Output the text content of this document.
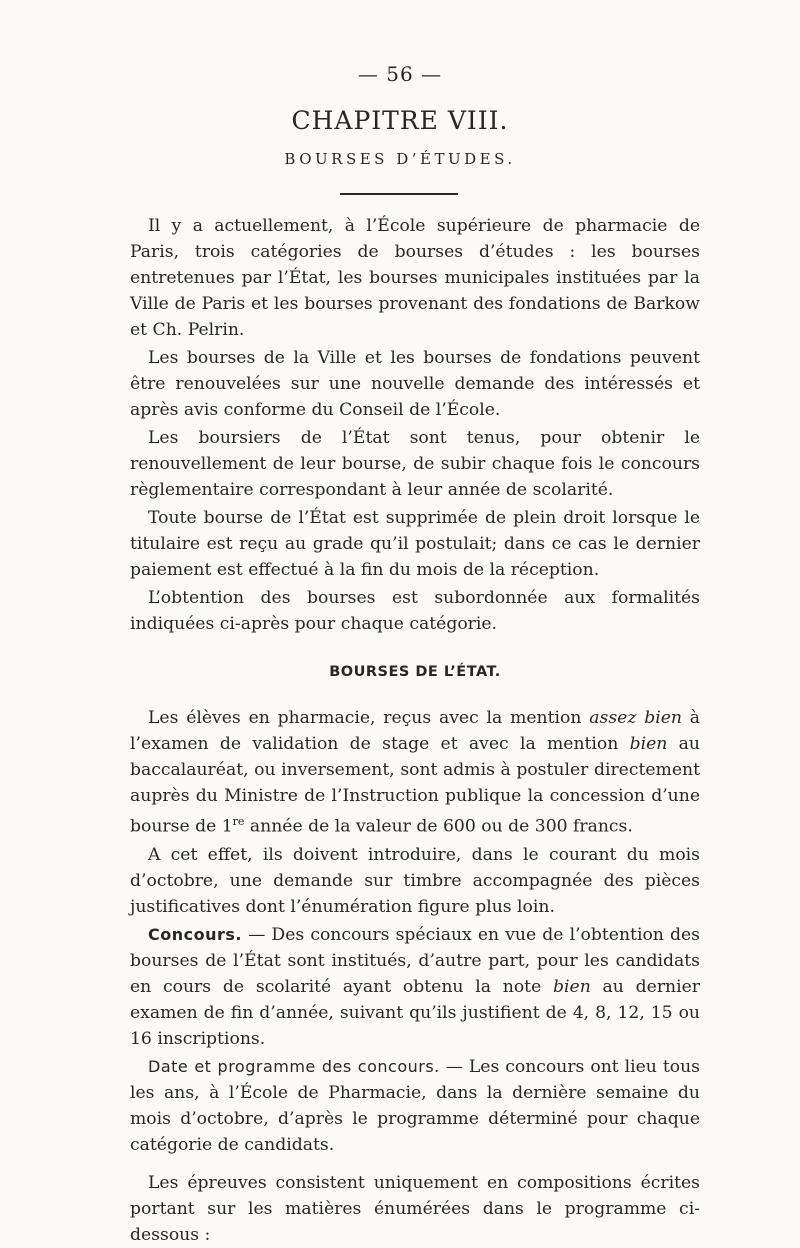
— 56 —
CHAPITRE VIII.
BOURSES D’ÉTUDES.

Il y a actuellement, à l’École supérieure de pharmacie de Paris, trois catégories de bourses d’études : les bourses entretenues par l’État, les bourses municipales instituées par la Ville de Paris et les bourses provenant des fondations de Barkow et Ch. Pelrin.

Les bourses de la Ville et les bourses de fondations peuvent être renouvelées sur une nouvelle demande des intéressés et après avis conforme du Conseil de l’École.

Les boursiers de l’État sont tenus, pour obtenir le renouvellement de leur bourse, de subir chaque fois le concours règlementaire correspondant à leur année de scolarité.

Toute bourse de l’État est supprimée de plein droit lorsque le titulaire est reçu au grade qu’il postulait; dans ce cas le dernier paiement est effectué à la fin du mois de la réception.

L’obtention des bourses est subordonnée aux formalités indiquées ci-après pour chaque catégorie.

BOURSES DE L’ÉTAT.

Les élèves en pharmacie, reçus avec la mention assez bien à l’examen de validation de stage et avec la mention bien au baccalauréat, ou inversement, sont admis à postuler directement auprès du Ministre de l’Instruction publique la concession d’une bourse de 1re année de la valeur de 600 ou de 300 francs.

A cet effet, ils doivent introduire, dans le courant du mois d’octobre, une demande sur timbre accompagnée des pièces justificatives dont l’énumération figure plus loin.

Concours. — Des concours spéciaux en vue de l’obtention des bourses de l’État sont institués, d’autre part, pour les candidats en cours de scolarité ayant obtenu la note bien au dernier examen de fin d’année, suivant qu’ils justifient de 4, 8, 12, 15 ou 16 inscriptions.

Date et programme des concours. — Les concours ont lieu tous les ans, à l’École de Pharmacie, dans la dernière semaine du mois d’octobre, d’après le programme déterminé pour chaque catégorie de candidats.

Les épreuves consistent uniquement en compositions écrites portant sur les matières énumérées dans le programme ci-dessous :
